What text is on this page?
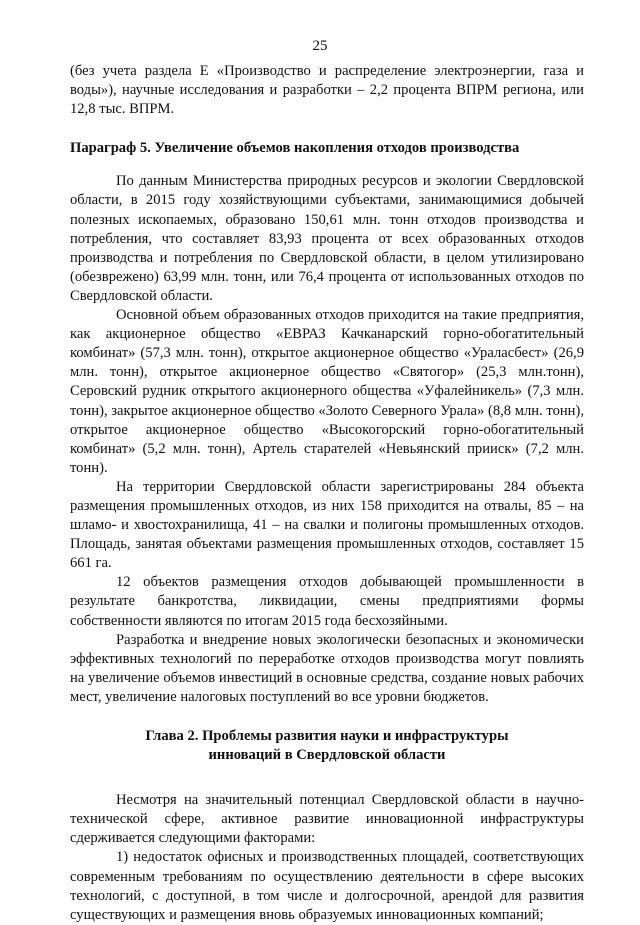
25

(без учета раздела Е «Производство и распределение электроэнергии, газа и воды»), научные исследования и разработки – 2,2 процента ВПРМ региона, или 12,8 тыс. ВПРМ.

Параграф 5. Увеличение объемов накопления отходов производства

По данным Министерства природных ресурсов и экологии Свердловской области, в 2015 году хозяйствующими субъектами, занимающимися добычей полезных ископаемых, образовано 150,61 млн. тонн отходов производства и потребления, что составляет 83,93 процента от всех образованных отходов производства и потребления по Свердловской области, в целом утилизировано (обезврежено) 63,99 млн. тонн, или 76,4 процента от использованных отходов по Свердловской области.

Основной объем образованных отходов приходится на такие предприятия, как акционерное общество «ЕВРАЗ Качканарский горно-обогатительный комбинат» (57,3 млн. тонн), открытое акционерное общество «Ураласбест» (26,9 млн. тонн), открытое акционерное общество «Святогор» (25,3 млн.тонн), Серовский рудник открытого акционерного общества «Уфалейникель» (7,3 млн. тонн), закрытое акционерное общество «Золото Северного Урала» (8,8 млн. тонн), открытое акционерное общество «Высокогорский горно-обогатительный комбинат» (5,2 млн. тонн), Артель старателей «Невьянский прииск» (7,2 млн. тонн).

На территории Свердловской области зарегистрированы 284 объекта размещения промышленных отходов, из них 158 приходится на отвалы, 85 – на шламо- и хвостохранилища, 41 – на свалки и полигоны промышленных отходов. Площадь, занятая объектами размещения промышленных отходов, составляет 15 661 га.

12 объектов размещения отходов добывающей промышленности в результате банкротства, ликвидации, смены предприятиями формы собственности являются по итогам 2015 года бесхозяйными.

Разработка и внедрение новых экологически безопасных и экономически эффективных технологий по переработке отходов производства могут повлиять на увеличение объемов инвестиций в основные средства, создание новых рабочих мест, увеличение налоговых поступлений во все уровни бюджетов.

Глава 2. Проблемы развития науки и инфраструктуры
инноваций в Свердловской области

Несмотря на значительный потенциал Свердловской области в научно-технической сфере, активное развитие инновационной инфраструктуры сдерживается следующими факторами:

1) недостаток офисных и производственных площадей, соответствующих современным требованиям по осуществлению деятельности в сфере высоких технологий, с доступной, в том числе и долгосрочной, арендой для развития существующих и размещения вновь образуемых инновационных компаний;
